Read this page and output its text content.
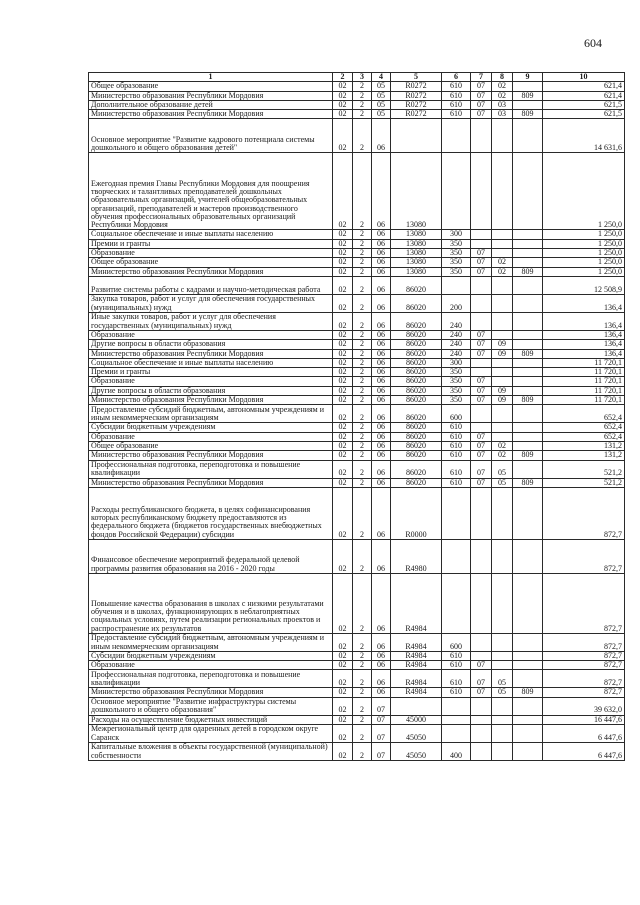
604
1	2	3	4	5	6	7	8	9	10
Общее образование	02	2	05	R0272	610	07	02		621,4
Министерство образования Республики Мордовия	02	2	05	R0272	610	07	02	809	621,4
Дополнительное образование детей	02	2	05	R0272	610	07	03		621,5
Министерство образования Республики Мордовия	02	2	05	R0272	610	07	03	809	621,5
Основное мероприятие "Развитие кадрового потенциала системы дошкольного и общего образования детей"	02	2	06						14 631,6
Ежегодная премия Главы Республики Мордовия для поощрения творческих и талантливых преподавателей дошкольных образовательных организаций, учителей общеобразовательных организаций, преподавателей и мастеров производственного обучения профессиональных образовательных организаций Республики Мордовия	02	2	06	13080					1 250,0
Социальное обеспечение и иные выплаты населению	02	2	06	13080	300				1 250,0
Премии и гранты	02	2	06	13080	350				1 250,0
Образование	02	2	06	13080	350	07			1 250,0
Общее образование	02	2	06	13080	350	07	02		1 250,0
Министерство образования Республики Мордовия	02	2	06	13080	350	07	02	809	1 250,0
Развитие системы работы с кадрами и научно-методическая работа	02	2	06	86020					12 508,9
Закупка товаров, работ и услуг для обеспечения государственных (муниципальных) нужд	02	2	06	86020	200				136,4
Иные закупки товаров, работ и услуг для обеспечения государственных (муниципальных) нужд	02	2	06	86020	240				136,4
Образование	02	2	06	86020	240	07			136,4
Другие вопросы в области образования	02	2	06	86020	240	07	09		136,4
Министерство образования Республики Мордовия	02	2	06	86020	240	07	09	809	136,4
Социальное обеспечение и иные выплаты населению	02	2	06	86020	300				11 720,1
Премии и гранты	02	2	06	86020	350				11 720,1
Образование	02	2	06	86020	350	07			11 720,1
Другие вопросы в области образования	02	2	06	86020	350	07	09		11 720,1
Министерство образования Республики Мордовия	02	2	06	86020	350	07	09	809	11 720,1
Предоставление субсидий бюджетным, автономным учреждениям и иным некоммерческим организациям	02	2	06	86020	600				652,4
Субсидии бюджетным учреждениям	02	2	06	86020	610				652,4
Образование	02	2	06	86020	610	07			652,4
Общее образование	02	2	06	86020	610	07	02		131,2
Министерство образования Республики Мордовия	02	2	06	86020	610	07	02	809	131,2
Профессиональная подготовка, переподготовка и повышение квалификации	02	2	06	86020	610	07	05		521,2
Министерство образования Республики Мордовия	02	2	06	86020	610	07	05	809	521,2
Расходы республиканского бюджета, в целях софинансирования которых республиканскому бюджету предоставляются из федерального бюджета (бюджетов государственных внебюджетных фондов Российской Федерации) субсидии	02	2	06	R0000					872,7
Финансовое обеспечение мероприятий федеральной целевой программы развития образования на 2016 - 2020 годы	02	2	06	R4980					872,7
Повышение качества образования в школах с низкими результатами обучения и в школах, функционирующих в неблагоприятных социальных условиях, путем реализации региональных проектов и распространение их результатов	02	2	06	R4984					872,7
Предоставление субсидий бюджетным, автономным учреждениям и иным некоммерческим организациям	02	2	06	R4984	600				872,7
Субсидии бюджетным учреждениям	02	2	06	R4984	610				872,7
Образование	02	2	06	R4984	610	07			872,7
Профессиональная подготовка, переподготовка и повышение квалификации	02	2	06	R4984	610	07	05		872,7
Министерство образования Республики Мордовия	02	2	06	R4984	610	07	05	809	872,7
Основное мероприятие "Развитие инфраструктуры системы дошкольного и общего образования"	02	2	07						39 632,0
Расходы на осуществление бюджетных инвестиций	02	2	07	45000					16 447,6
Межрегиональный центр для одаренных детей в городском округе Саранск	02	2	07	45050					6 447,6
Капитальные вложения в объекты государственной (муниципальной) собственности	02	2	07	45050	400				6 447,6
